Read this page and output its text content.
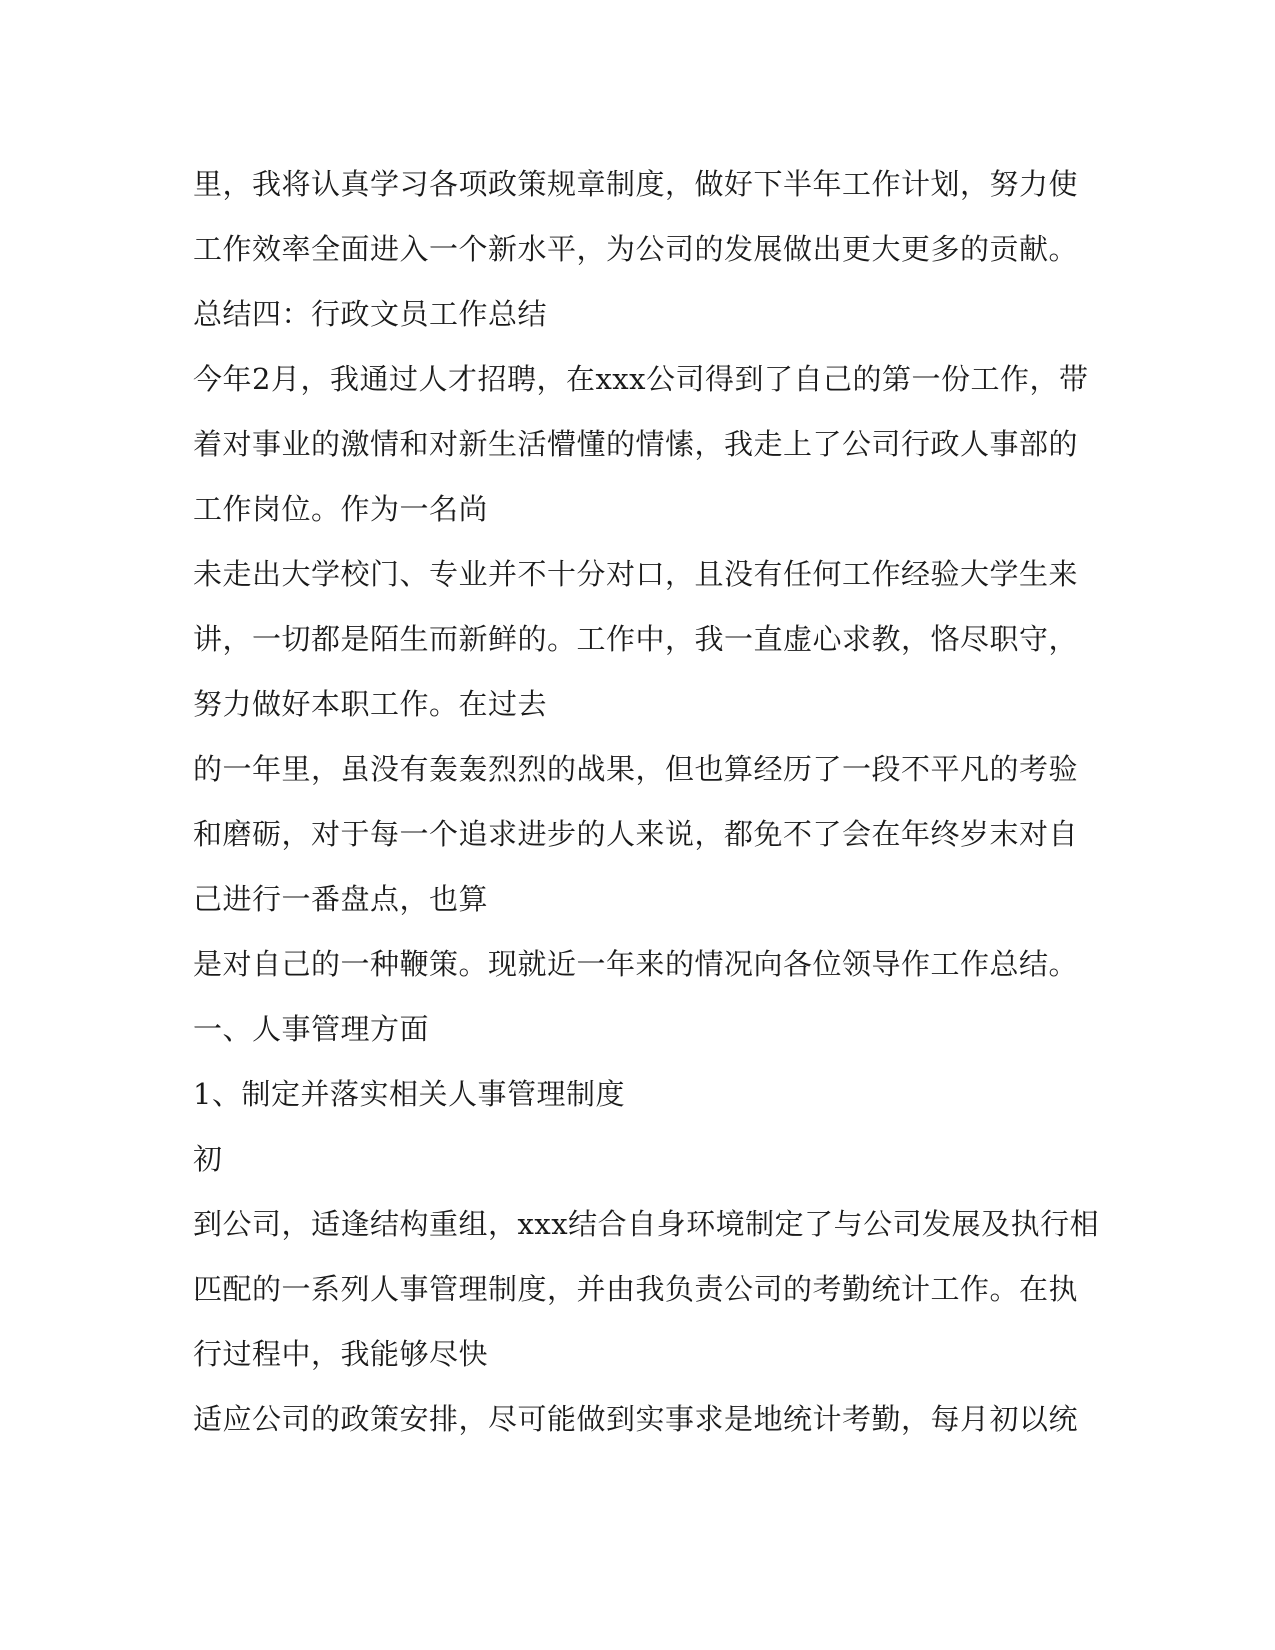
里，我将认真学习各项政策规章制度，做好下半年工作计划，努力使
工作效率全面进入一个新水平，为公司的发展做出更大更多的贡献。
总结四：行政文员工作总结
今年2月，我通过人才招聘，在xxx公司得到了自己的第一份工作，带
着对事业的激情和对新生活懵懂的情愫，我走上了公司行政人事部的
工作岗位。作为一名尚
未走出大学校门、专业并不十分对口，且没有任何工作经验大学生来
讲，一切都是陌生而新鲜的。工作中，我一直虚心求教，恪尽职守，
努力做好本职工作。在过去
的一年里，虽没有轰轰烈烈的战果，但也算经历了一段不平凡的考验
和磨砺，对于每一个追求进步的人来说，都免不了会在年终岁末对自
己进行一番盘点，也算
是对自己的一种鞭策。现就近一年来的情况向各位领导作工作总结。
一、人事管理方面
1、制定并落实相关人事管理制度
初
到公司，适逢结构重组，xxx结合自身环境制定了与公司发展及执行相
匹配的一系列人事管理制度，并由我负责公司的考勤统计工作。在执
行过程中，我能够尽快
适应公司的政策安排，尽可能做到实事求是地统计考勤，每月初以统
